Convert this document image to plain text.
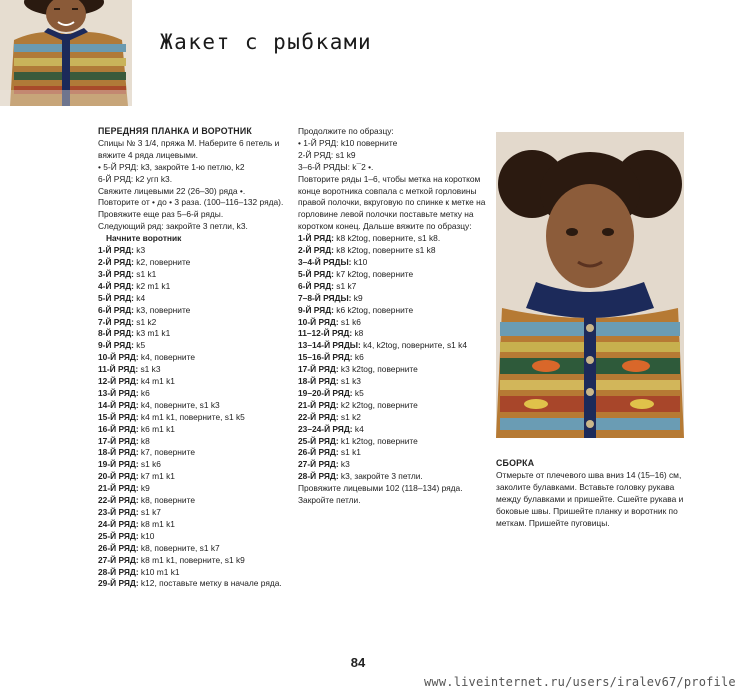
Жакет с рыбками
ПЕРЕДНЯЯ ПЛАНКА И ВОРОТНИК
Спицы № 3 1/4, пряжа М. Наберите 6 петель и вяжите 4 ряда лицевыми.
• 5-Й РЯД: k3, закройте 1-ю петлю, k2
6-Й РЯД: k2 угп k3.
Свяжите лицевыми 22 (26–30) ряда •.
Повторите от • до • 3 раза. (100–116–132 ряда).
Провяжите еще раз 5–6-й ряды.
Следующий ряд: закройте 3 петли, k3.
Начните воротник
1-Й РЯД: k3
2-Й РЯД: k2, поверните
3-Й РЯД: s1 k1
4-Й РЯД: k2 m1 k1
5-Й РЯД: k4
6-Й РЯД: k3, поверните
7-Й РЯД: s1 k2
8-Й РЯД: k3 m1 k1
9-Й РЯД: k5
10-Й РЯД: k4, поверните
11-Й РЯД: s1 k3
12-Й РЯД: k4 m1 k1
13-Й РЯД: k6
14-Й РЯД: k4, поверните, s1 k3
15-Й РЯД: k4 m1 k1, поверните, s1 k5
16-Й РЯД: k6 m1 k1
17-Й РЯД: k8
18-Й РЯД: k7, поверните
19-Й РЯД: s1 k6
20-Й РЯД: k7 m1 k1
21-Й РЯД: k9
22-Й РЯД: k8, поверните
23-Й РЯД: s1 k7
24-Й РЯД: k8 m1 k1
25-Й РЯД: k10
26-Й РЯД: k8, поверните, s1 k7
27-Й РЯД: k8 m1 k1, поверните, s1 k9
28-Й РЯД: k10 m1 k1
29-Й РЯД: k12, поставьте метку в начале ряда.
Продолжите по образцу:
• 1-Й РЯД: k10 поверните
2-Й РЯД: s1 k9
3–6-Й РЯДЫ: k¯2 •.
Повторите ряды 1–6, чтобы метка на коротком конце воротника совпала с меткой горловины правой полочки, вкруговую по спинке к метке на горловине левой полочки поставьте метку на коротком конец. Дальше вяжите по образцу:
1-Й РЯД: k8 k2tog, поверните, s1 k8.
2-Й РЯД: k8 k2tog, поверните s1 k8
3–4-Й РЯДЫ: k10
5-Й РЯД: k7 k2tog, поверните
6-Й РЯД: s1 k7
7–8-Й РЯДЫ: k9
9-Й РЯД: k6 k2tog, поверните
10-Й РЯД: s1 k6
11–12-Й РЯД: k8
13–14-Й РЯДЫ: k4, k2tog, поверните, s1 k4
15–16-Й РЯД: k6
17-Й РЯД: k3 k2tog, поверните
18-Й РЯД: s1 k3
19–20-Й РЯД: k5
21-Й РЯД: k2 k2tog, поверните
22-Й РЯД: s1 k2
23–24-Й РЯД: k4
25-Й РЯД: k1 k2tog, поверните
26-Й РЯД: s1 k1
27-Й РЯД: k3
28-Й РЯД: k3, закройте 3 петли.
Провяжите лицевыми 102 (118–134) ряда. Закройте петли.
СБОРКА
Отмерьте от плечевого шва вниз 14 (15–16) см, заколите булавками. Вставьте головку рукава между булавками и пришейте. Сшейте рукава и боковые швы. Пришейте планку и воротник по меткам. Пришейте пуговицы.
84
www.liveinternet.ru/users/iralev67/profile
